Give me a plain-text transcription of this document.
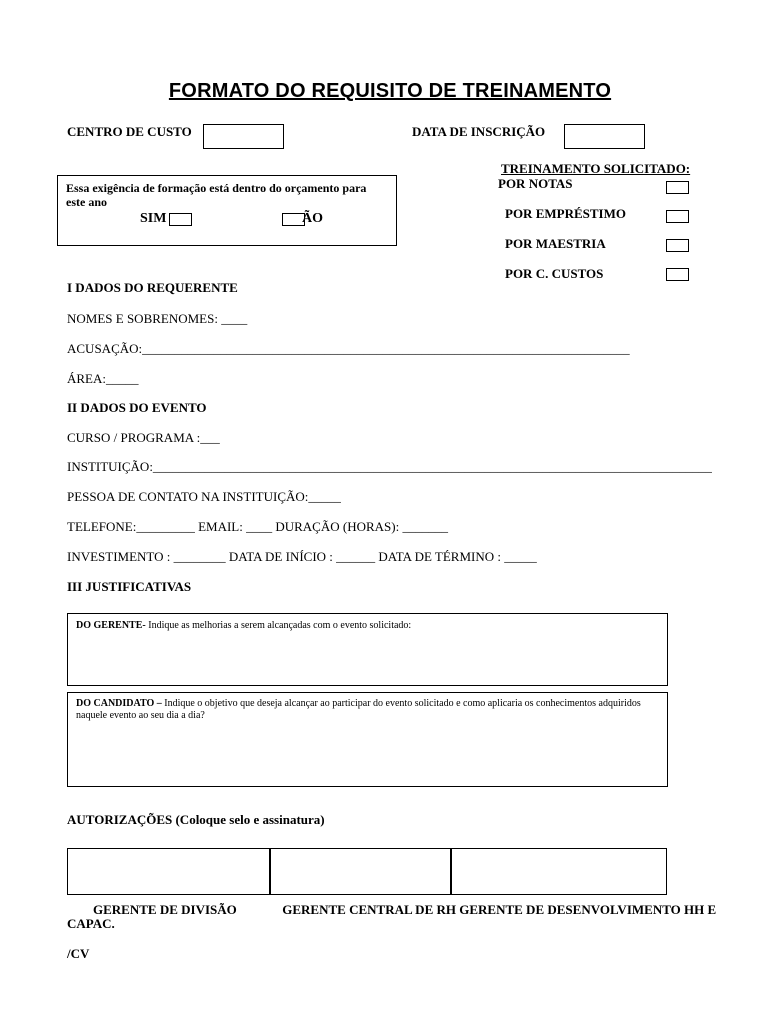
FORMATO DO REQUISITO DE TREINAMENTO
CENTRO DE CUSTO	DATA DE INSCRIÇÃO
Essa exigência de formação está dentro do orçamento para
este ano
SIM	ÃO
TREINAMENTO SOLICITADO:
POR NOTAS
POR EMPRÉSTIMO
POR MAESTRIA
POR C. CUSTOS
I DADOS DO REQUERENTE
NOMES E SOBRENOMES: ____
ACUSAÇÃO:___________________________________________________________________________
ÁREA:_____
II DADOS DO EVENTO
CURSO / PROGRAMA :___
INSTITUIÇÃO:______________________________________________________________________________________
PESSOA DE CONTATO NA INSTITUIÇÃO:_____
TELEFONE:_________ EMAIL: ____ DURAÇÃO (HORAS): _______
INVESTIMENTO : ________ DATA DE INÍCIO : ______ DATA DE TÉRMINO : _____
III JUSTIFICATIVAS
DO GERENTE- Indique as melhorias a serem alcançadas com o evento solicitado:
DO CANDIDATO – Indique o objetivo que deseja alcançar ao participar do evento solicitado e como aplicaria os conhecimentos adquiridos
naquele evento ao seu dia a dia?
AUTORIZAÇÕES (Coloque selo e assinatura)
GERENTE DE DIVISÃO              GERENTE CENTRAL DE RH GERENTE DE DESENVOLVIMENTO HH E
CAPAC.
/CV
